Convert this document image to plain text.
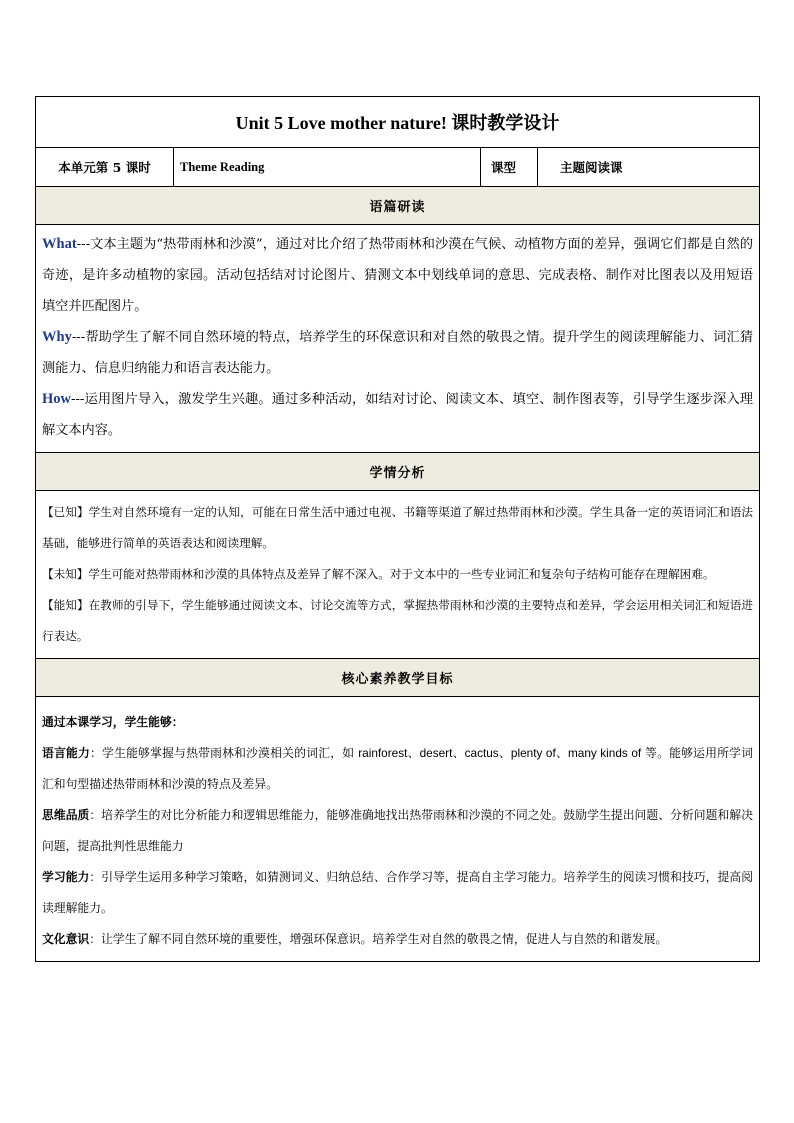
Unit 5 Love mother nature! 课时教学设计
本单元第 5 课时	Theme Reading	课型	主题阅读课
语篇研读

What---文本主题为“热带雨林和沙漠”，通过对比介绍了热带雨林和沙漠在气候、动植物方面的差异，强调它们都是自然的奇迹，是许多动植物的家园。活动包括结对讨论图片、猜测文本中划线单词的意思、完成表格、制作对比图表以及用短语填空并匹配图片。

Why---帮助学生了解不同自然环境的特点，培养学生的环保意识和对自然的敬畏之情。提升学生的阅读理解能力、词汇猜测能力、信息归纳能力和语言表达能力。

How---运用图片导入，激发学生兴趣。通过多种活动，如结对讨论、阅读文本、填空、制作图表等，引导学生逐步深入理解文本内容。

学情分析

【已知】学生对自然环境有一定的认知，可能在日常生活中通过电视、书籍等渠道了解过热带雨林和沙漠。学生具备一定的英语词汇和语法基础，能够进行简单的英语表达和阅读理解。

【未知】学生可能对热带雨林和沙漠的具体特点及差异了解不深入。对于文本中的一些专业词汇和复杂句子结构可能存在理解困难。

【能知】在教师的引导下，学生能够通过阅读文本、讨论交流等方式，掌握热带雨林和沙漠的主要特点和差异，学会运用相关词汇和短语进行表达。

核心素养教学目标

通过本课学习，学生能够：

语言能力：学生能够掌握与热带雨林和沙漠相关的词汇，如 rainforest、desert、cactus、plenty of、many kinds of 等。能够运用所学词汇和句型描述热带雨林和沙漠的特点及差异。

思维品质：培养学生的对比分析能力和逻辑思维能力，能够准确地找出热带雨林和沙漠的不同之处。鼓励学生提出问题、分析问题和解决问题，提高批判性思维能力

学习能力：引导学生运用多种学习策略，如猜测词义、归纳总结、合作学习等，提高自主学习能力。培养学生的阅读习惯和技巧，提高阅读理解能力。

文化意识：让学生了解不同自然环境的重要性，增强环保意识。培养学生对自然的敬畏之情，促进人与自然的和谐发展。
